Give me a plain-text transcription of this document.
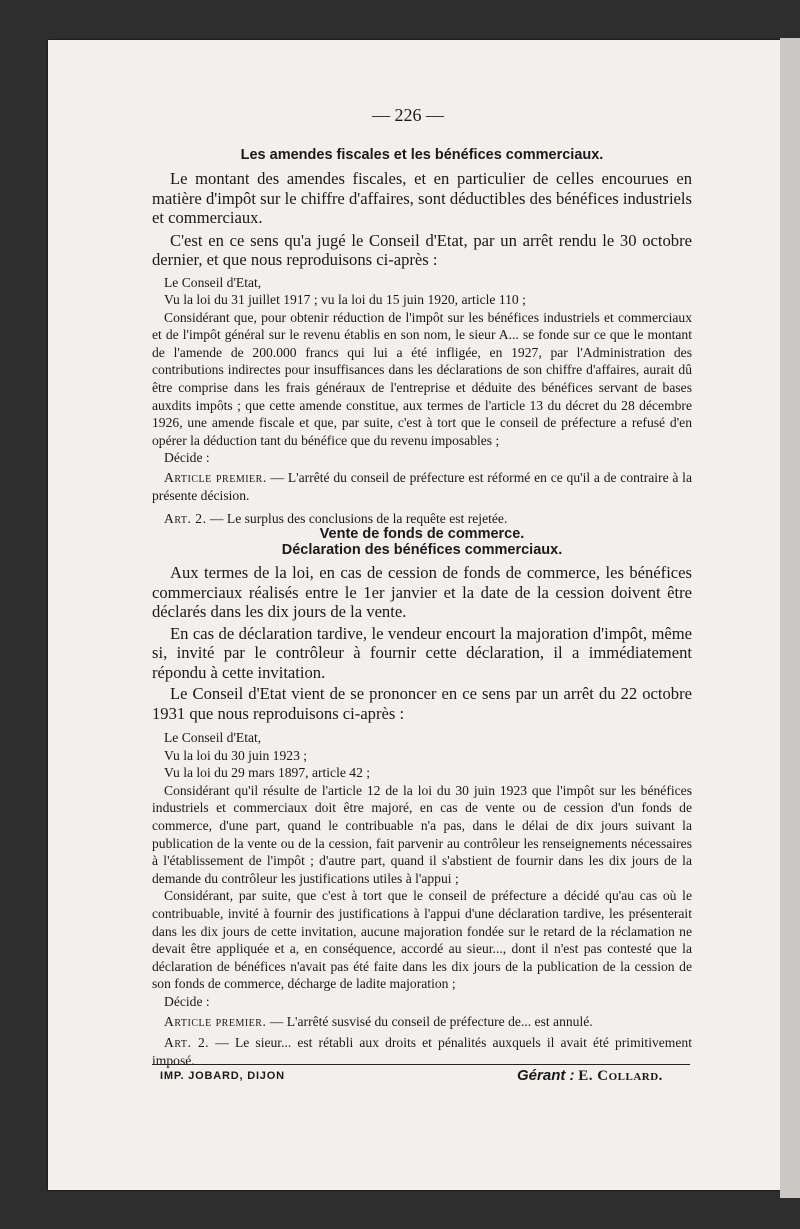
— 226 —

Les amendes fiscales et les bénéfices commerciaux.

Le montant des amendes fiscales, et en particulier de celles encourues en matière d'impôt sur le chiffre d'affaires, sont déductibles des bénéfices industriels et commerciaux.

C'est en ce sens qu'a jugé le Conseil d'Etat, par un arrêt rendu le 30 octobre dernier, et que nous reproduisons ci-après :

Le Conseil d'Etat,

Vu la loi du 31 juillet 1917 ; vu la loi du 15 juin 1920, article 110 ;

Considérant que, pour obtenir réduction de l'impôt sur les bénéfices industriels et commerciaux et de l'impôt général sur le revenu établis en son nom, le sieur A... se fonde sur ce que le montant de l'amende de 200.000 francs qui lui a été infligée, en 1927, par l'Administration des contributions indirectes pour insuffisances dans les déclarations de son chiffre d'affaires, aurait dû être comprise dans les frais généraux de l'entreprise et déduite des bénéfices servant de bases auxdits impôts ; que cette amende constitue, aux termes de l'article 13 du décret du 28 décembre 1926, une amende fiscale et que, par suite, c'est à tort que le conseil de préfecture a refusé d'en opérer la déduction tant du bénéfice que du revenu imposables ;

Décide :

Article premier. — L'arrêté du conseil de préfecture est réformé en ce qu'il a de contraire à la présente décision.

Art. 2. — Le surplus des conclusions de la requête est rejetée.

Vente de fonds de commerce.

Déclaration des bénéfices commerciaux.

Aux termes de la loi, en cas de cession de fonds de commerce, les bénéfices commerciaux réalisés entre le 1er janvier et la date de la cession doivent être déclarés dans les dix jours de la vente.

En cas de déclaration tardive, le vendeur encourt la majoration d'impôt, même si, invité par le contrôleur à fournir cette déclaration, il a immédiatement répondu à cette invitation.

Le Conseil d'Etat vient de se prononcer en ce sens par un arrêt du 22 octobre 1931 que nous reproduisons ci-après :

Le Conseil d'Etat,

Vu la loi du 30 juin 1923 ;

Vu la loi du 29 mars 1897, article 42 ;

Considérant qu'il résulte de l'article 12 de la loi du 30 juin 1923 que l'impôt sur les bénéfices industriels et commerciaux doit être majoré, en cas de vente ou de cession d'un fonds de commerce, d'une part, quand le contribuable n'a pas, dans le délai de dix jours suivant la publication de la vente ou de la cession, fait parvenir au contrôleur les renseignements nécessaires à l'établissement de l'impôt ; d'autre part, quand il s'abstient de fournir dans les dix jours de la demande du contrôleur les justifications utiles à l'appui ;

Considérant, par suite, que c'est à tort que le conseil de préfecture a décidé qu'au cas où le contribuable, invité à fournir des justifications à l'appui d'une déclaration tardive, les présenterait dans les dix jours de cette invitation, aucune majoration fondée sur le retard de la réclamation ne devait être appliquée et a, en conséquence, accordé au sieur..., dont il n'est pas contesté que la déclaration de bénéfices n'avait pas été faite dans les dix jours de la publication de la cession de son fonds de commerce, décharge de ladite majoration ;

Décide :

Article premier. — L'arrêté susvisé du conseil de préfecture de... est annulé.

Art. 2. — Le sieur... est rétabli aux droits et pénalités auxquels il avait été primitivement imposé.

IMP. JOBARD, DIJON	Gérant : E. Collard.
